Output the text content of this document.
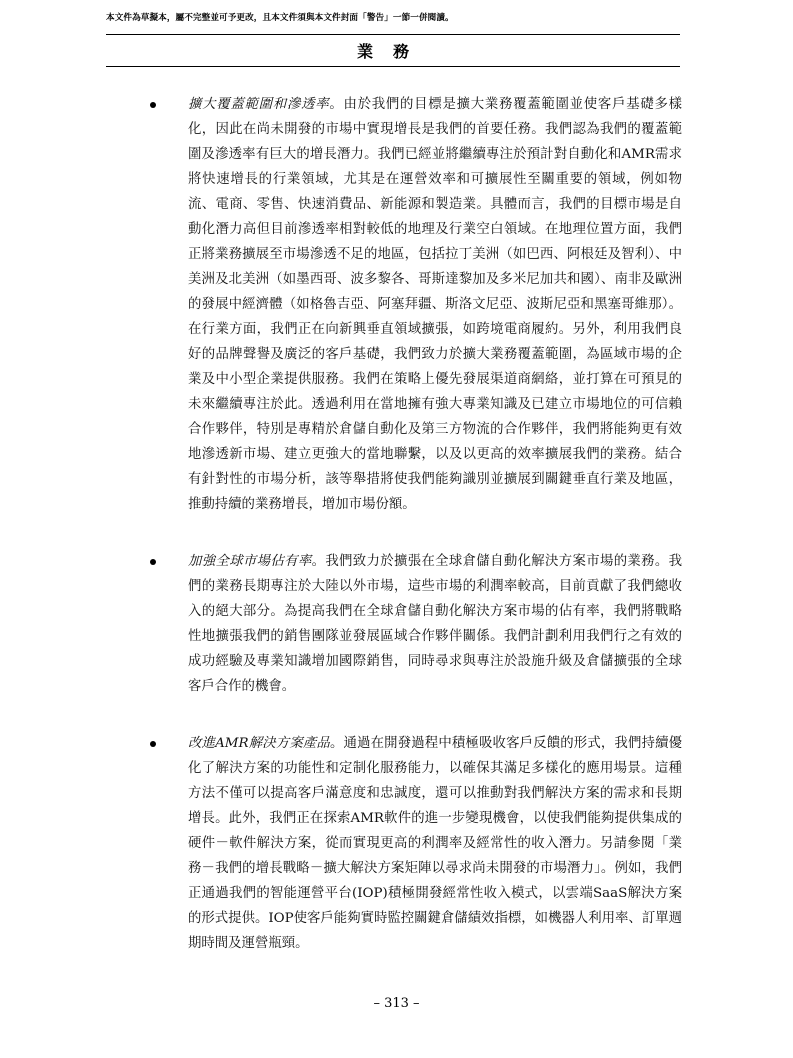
本文件為草擬本，屬不完整並可予更改，且本文件須與本文件封面「警告」一節一併閱讀。
業務

擴大覆蓋範圍和滲透率。由於我們的目標是擴大業務覆蓋範圍並使客戶基礎多樣化，因此在尚未開發的市場中實現增長是我們的首要任務。我們認為我們的覆蓋範圍及滲透率有巨大的增長潛力。我們已經並將繼續專注於預計對自動化和AMR需求將快速增長的行業領域，尤其是在運營效率和可擴展性至關重要的領域，例如物流、電商、零售、快速消費品、新能源和製造業。具體而言，我們的目標市場是自動化潛力高但目前滲透率相對較低的地理及行業空白領域。在地理位置方面，我們正將業務擴展至市場滲透不足的地區，包括拉丁美洲（如巴西、阿根廷及智利）、中美洲及北美洲（如墨西哥、波多黎各、哥斯達黎加及多米尼加共和國）、南非及歐洲的發展中經濟體（如格魯吉亞、阿塞拜疆、斯洛文尼亞、波斯尼亞和黑塞哥維那）。在行業方面，我們正在向新興垂直領域擴張，如跨境電商履約。另外，利用我們良好的品牌聲譽及廣泛的客戶基礎，我們致力於擴大業務覆蓋範圍，為區域市場的企業及中小型企業提供服務。我們在策略上優先發展渠道商網絡，並打算在可預見的未來繼續專注於此。透過利用在當地擁有強大專業知識及已建立市場地位的可信賴合作夥伴，特別是專精於倉儲自動化及第三方物流的合作夥伴，我們將能夠更有效地滲透新市場、建立更強大的當地聯繫，以及以更高的效率擴展我們的業務。結合有針對性的市場分析，該等舉措將使我們能夠識別並擴展到關鍵垂直行業及地區，推動持續的業務增長，增加市場份額。

加強全球市場佔有率。我們致力於擴張在全球倉儲自動化解決方案市場的業務。我們的業務長期專注於大陸以外市場，這些市場的利潤率較高，目前貢獻了我們總收入的絕大部分。為提高我們在全球倉儲自動化解決方案市場的佔有率，我們將戰略性地擴張我們的銷售團隊並發展區域合作夥伴關係。我們計劃利用我們行之有效的成功經驗及專業知識增加國際銷售，同時尋求與專注於設施升級及倉儲擴張的全球客戶合作的機會。

改進AMR解決方案產品。通過在開發過程中積極吸收客戶反饋的形式，我們持續優化了解決方案的功能性和定制化服務能力，以確保其滿足多樣化的應用場景。這種方法不僅可以提高客戶滿意度和忠誠度，還可以推動對我們解決方案的需求和長期增長。此外，我們正在探索AMR軟件的進一步變現機會，以使我們能夠提供集成的硬件－軟件解決方案，從而實現更高的利潤率及經常性的收入潛力。另請參閱「業務－我們的增長戰略－擴大解決方案矩陣以尋求尚未開發的市場潛力」。例如，我們正通過我們的智能運營平台(IOP)積極開發經常性收入模式，以雲端SaaS解決方案的形式提供。IOP使客戶能夠實時監控關鍵倉儲績效指標，如機器人利用率、訂單週期時間及運營瓶頸。

– 313 –
